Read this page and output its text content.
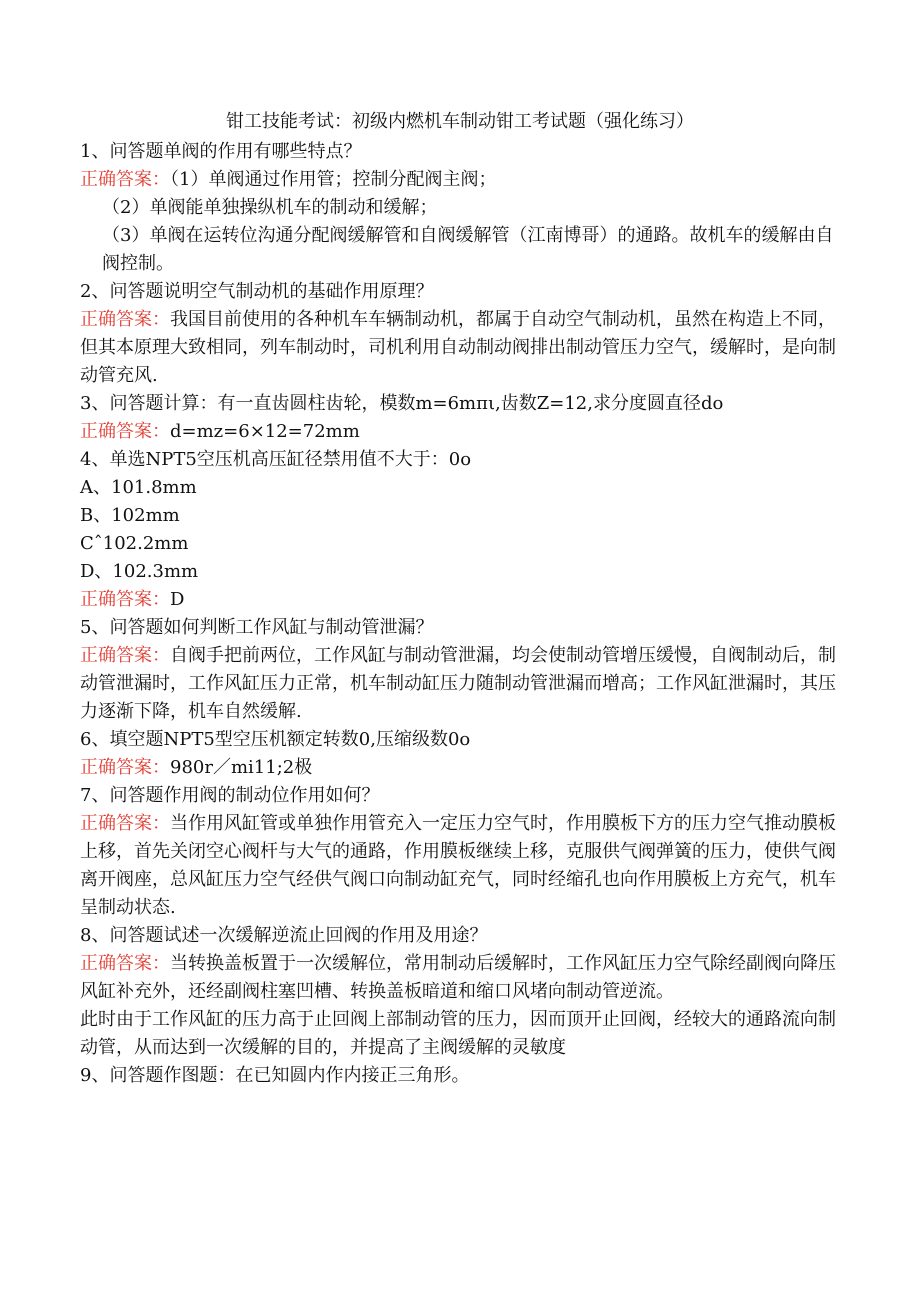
钳工技能考试：初级内燃机车制动钳工考试题（强化练习）

1、问答题单阀的作用有哪些特点？

正确答案：（1）单阀通过作用管；控制分配阀主阀；

（2）单阀能单独操纵机车的制动和缓解；

（3）单阀在运转位沟通分配阀缓解管和自阀缓解管（江南博哥）的通路。故机车的缓解由自阀控制。

2、问答题说明空气制动机的基础作用原理？

正确答案：我国目前使用的各种机车车辆制动机，都属于自动空气制动机，虽然在构造上不同，但其本原理大致相同，列车制动时，司机利用自动制动阀排出制动管压力空气，缓解时，是向制动管充风.

3、问答题计算：有一直齿圆柱齿轮，模数m=6mπι,齿数Z=12,求分度圆直径do

正确答案：d=mz=6×12=72mm

4、单选NPT5空压机高压缸径禁用值不大于：0o

A、101.8mm

B、102mm

Cˆ102.2mm

D、102.3mm

正确答案：D

5、问答题如何判断工作风缸与制动管泄漏？

正确答案：自阀手把前两位，工作风缸与制动管泄漏，均会使制动管增压缓慢，自阀制动后，制动管泄漏时，工作风缸压力正常，机车制动缸压力随制动管泄漏而增高；工作风缸泄漏时，其压力逐渐下降，机车自然缓解.

6、填空题NPT5型空压机额定转数0,压缩级数0o

正确答案：980r／mi11;2极

7、问答题作用阀的制动位作用如何？

正确答案：当作用风缸管或单独作用管充入一定压力空气时，作用膜板下方的压力空气推动膜板上移，首先关闭空心阀杆与大气的通路，作用膜板继续上移，克服供气阀弹簧的压力，使供气阀离开阀座，总风缸压力空气经供气阀口向制动缸充气，同时经缩孔也向作用膜板上方充气，机车呈制动状态.

8、问答题试述一次缓解逆流止回阀的作用及用途？

正确答案：当转换盖板置于一次缓解位，常用制动后缓解时，工作风缸压力空气除经副阀向降压风缸补充外，还经副阀柱塞凹槽、转换盖板暗道和缩口风堵向制动管逆流。

此时由于工作风缸的压力高于止回阀上部制动管的压力，因而顶开止回阀，经较大的通路流向制动管，从而达到一次缓解的目的，并提高了主阀缓解的灵敏度

9、问答题作图题：在已知圆内作内接正三角形。
